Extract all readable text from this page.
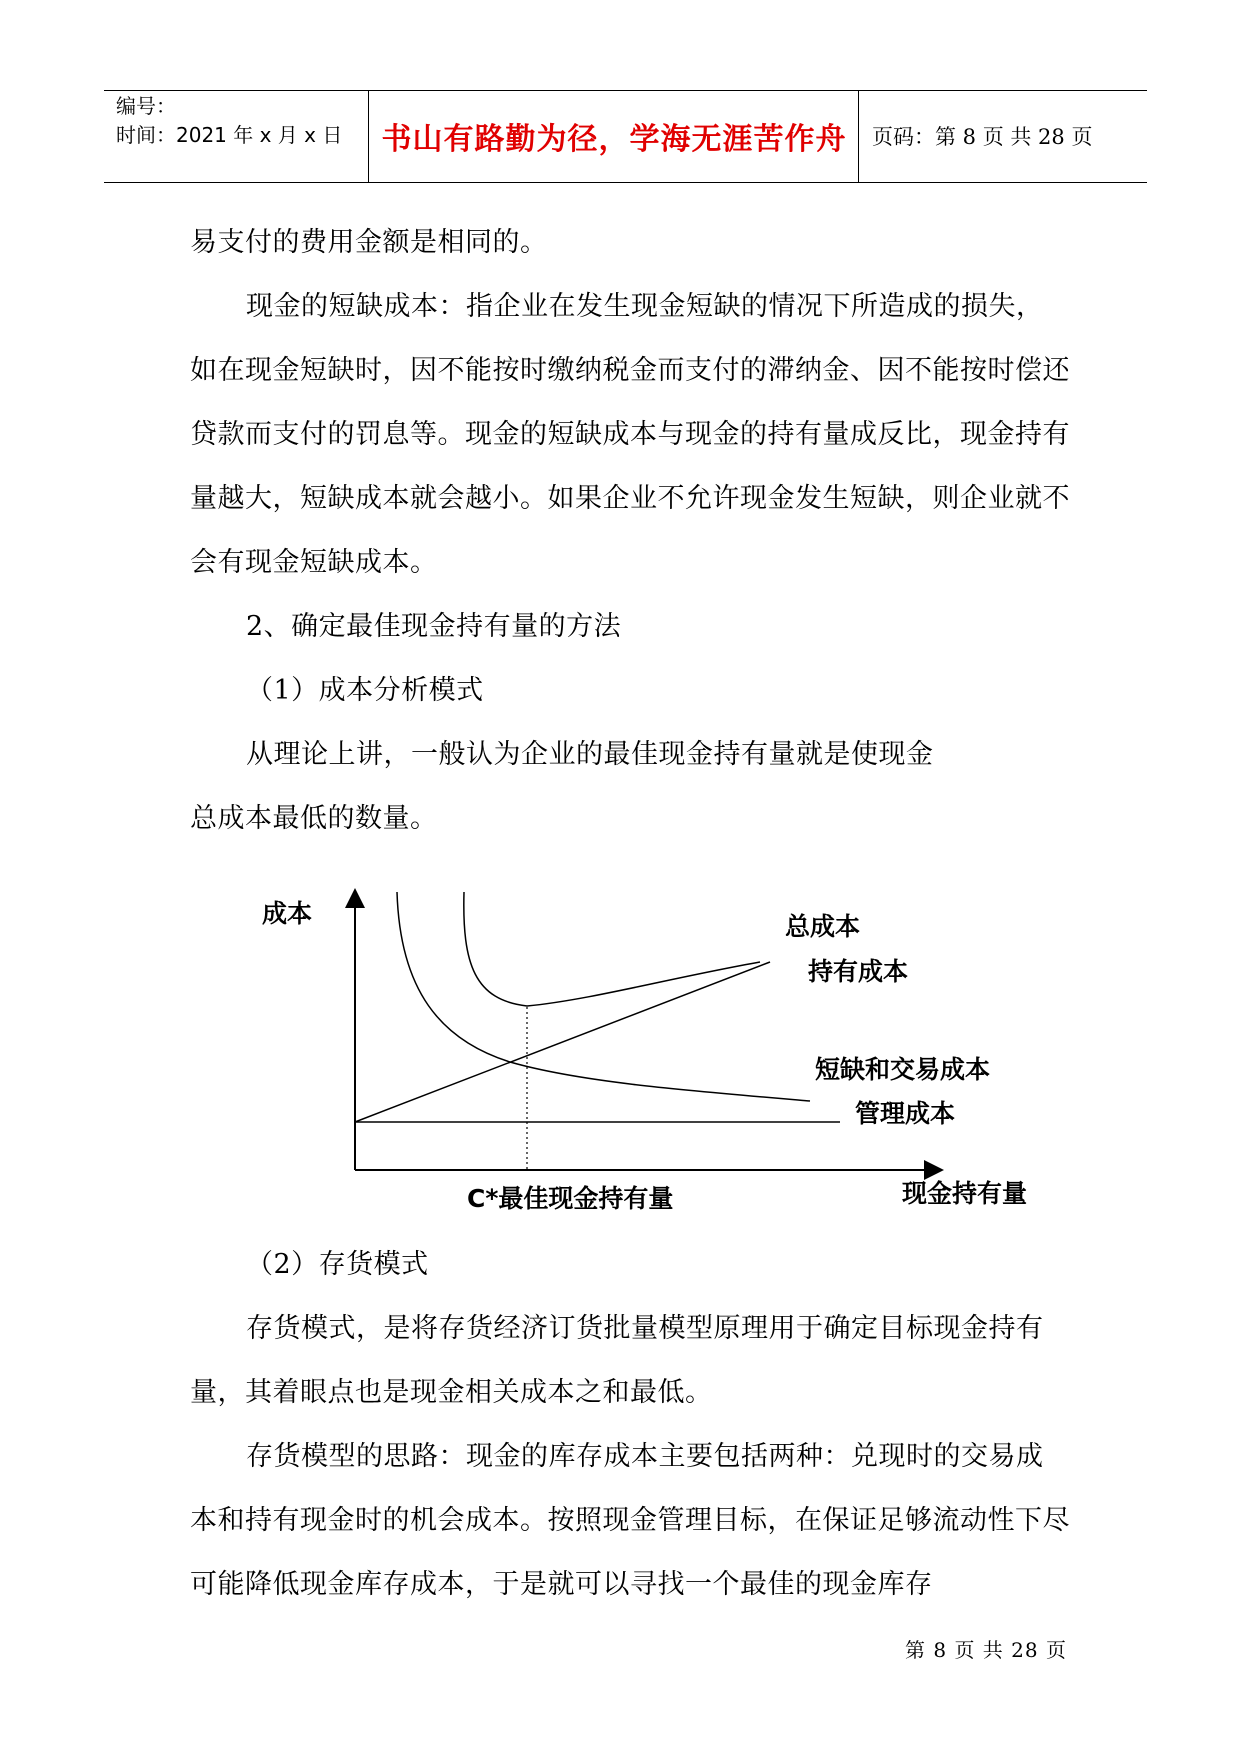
编号：
时间：2021 年 x 月 x 日	书山有路勤为径，学海无涯苦作舟	页码：第 8 页 共 28 页
易支付的费用金额是相同的。
现金的短缺成本：指企业在发生现金短缺的情况下所造成的损失，如在现金短缺时，因不能按时缴纳税金而支付的滞纳金、因不能按时偿还贷款而支付的罚息等。现金的短缺成本与现金的持有量成反比，现金持有量越大，短缺成本就会越小。如果企业不允许现金发生短缺，则企业就不会有现金短缺成本。
2、确定最佳现金持有量的方法
（1）成本分析模式
从理论上讲，一般认为企业的最佳现金持有量就是使现金
总成本最低的数量。
成本	总成本
持有成本
短缺和交易成本
管理成本
C*最佳现金持有量	现金持有量
（2）存货模式
存货模式，是将存货经济订货批量模型原理用于确定目标现金持有量，其着眼点也是现金相关成本之和最低。
存货模型的思路：现金的库存成本主要包括两种：兑现时的交易成本和持有现金时的机会成本。按照现金管理目标，在保证足够流动性下尽可能降低现金库存成本，于是就可以寻找一个最佳的现金库存
第 8 页 共 28 页
